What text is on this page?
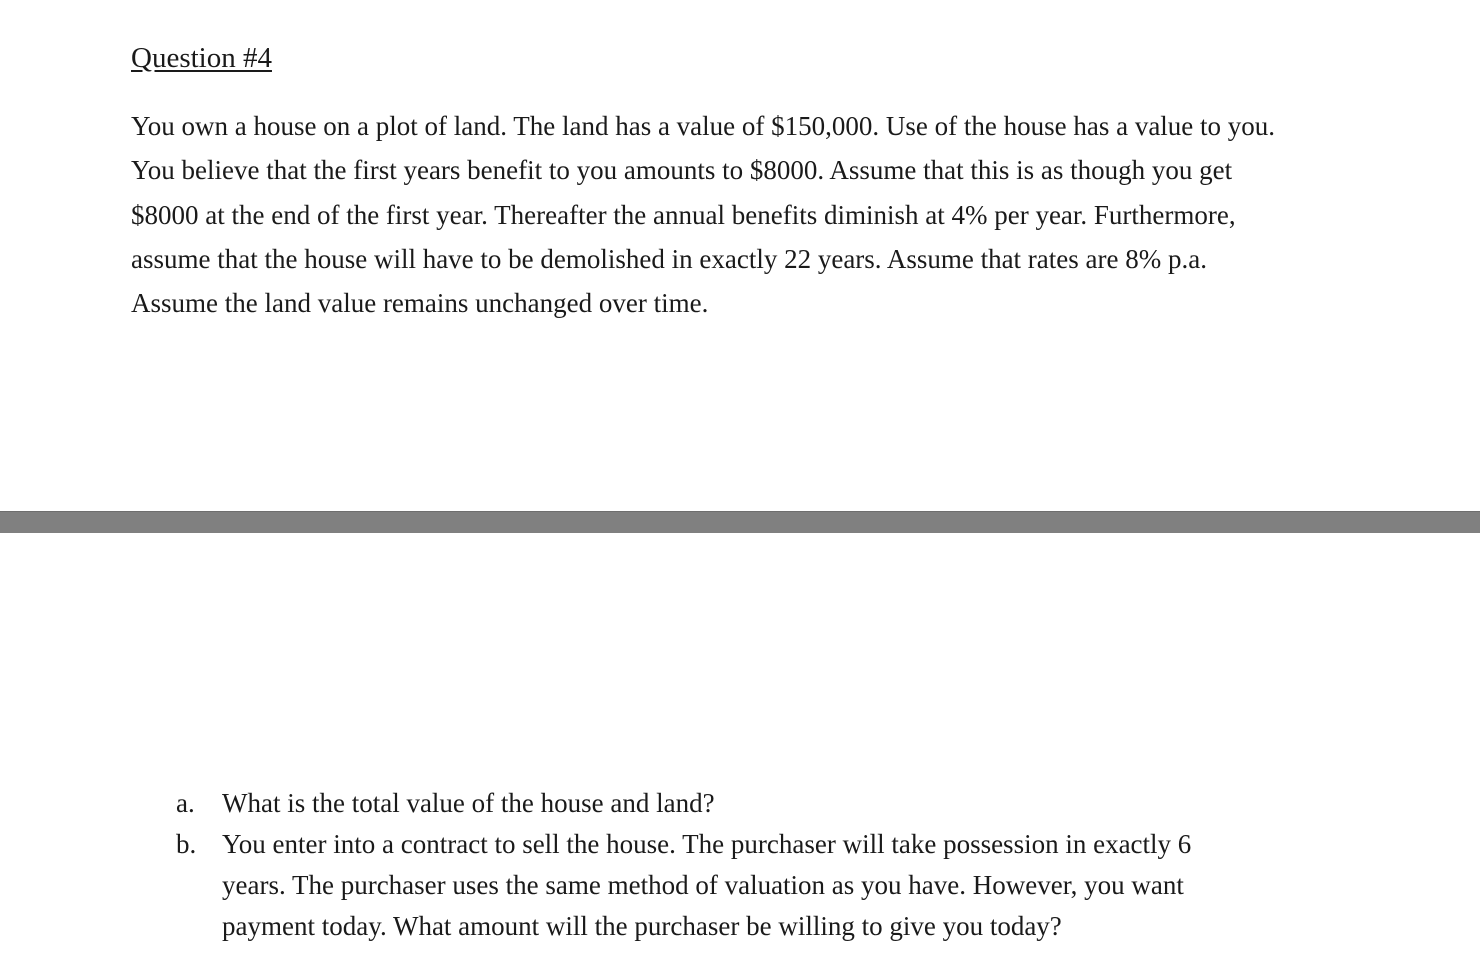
Question #4

You own a house on a plot of land. The land has a value of $150,000. Use of the house has a value to you.
You believe that the first years benefit to you amounts to $8000. Assume that this is as though you get
$8000 at the end of the first year. Thereafter the annual benefits diminish at 4% per year. Furthermore,
assume that the house will have to be demolished in exactly 22 years. Assume that rates are 8% p.a.
Assume the land value remains unchanged over time.

a. What is the total value of the house and land?
b. You enter into a contract to sell the house. The purchaser will take possession in exactly 6
years. The purchaser uses the same method of valuation as you have. However, you want
payment today. What amount will the purchaser be willing to give you today?
